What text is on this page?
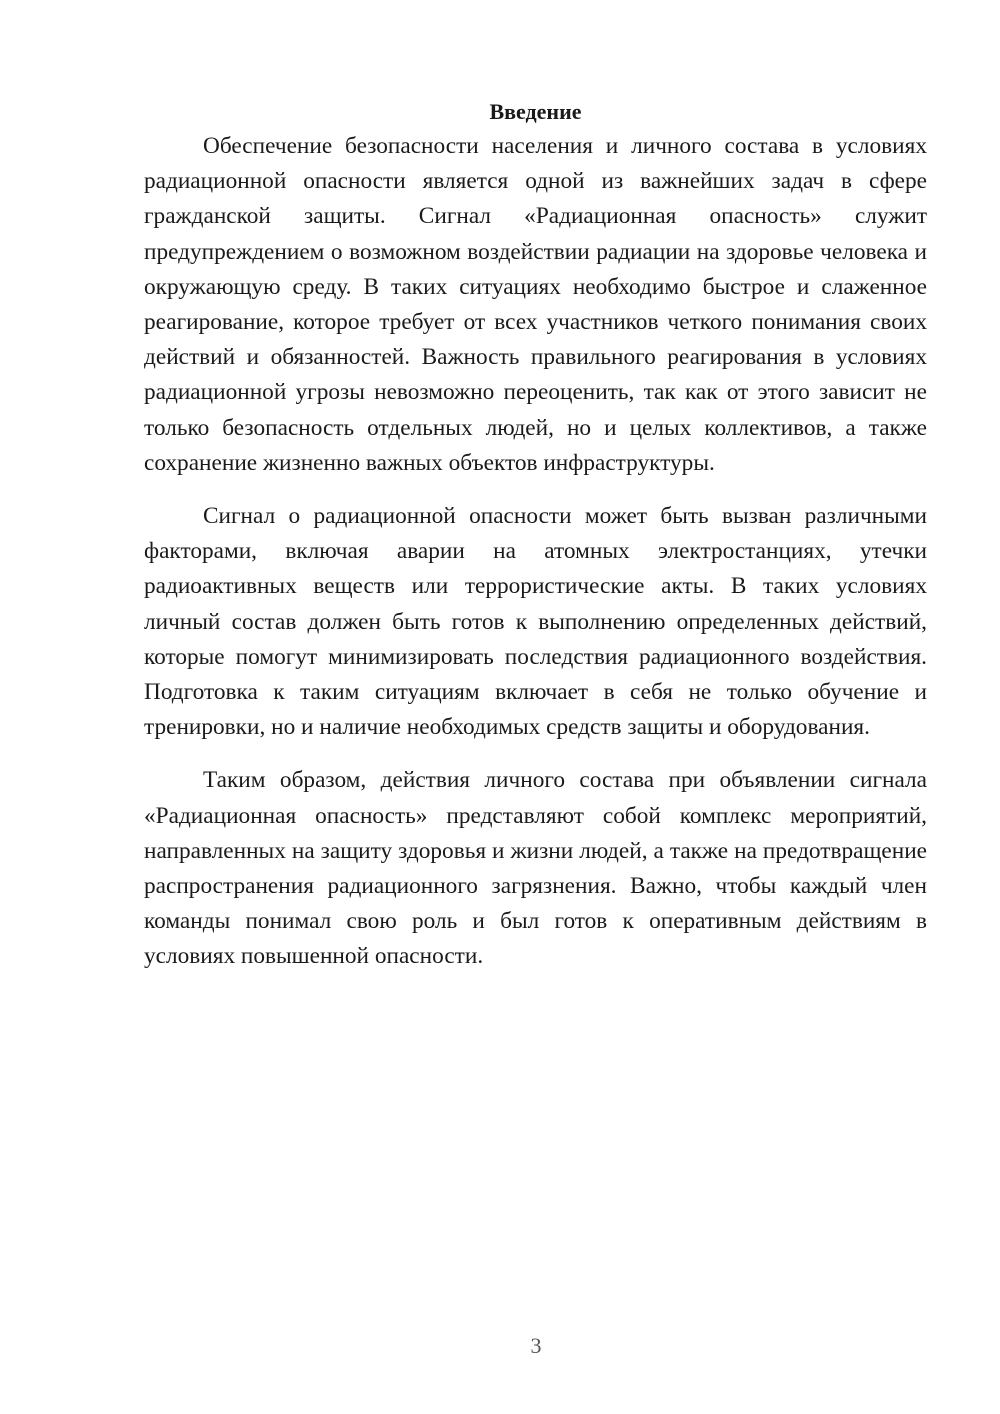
Введение

Обеспечение безопасности населения и личного состава в условиях радиационной опасности является одной из важнейших задач в сфере гражданской защиты. Сигнал «Радиационная опасность» служит предупреждением о возможном воздействии радиации на здоровье человека и окружающую среду. В таких ситуациях необходимо быстрое и слаженное реагирование, которое требует от всех участников четкого понимания своих действий и обязанностей. Важность правильного реагирования в условиях радиационной угрозы невозможно переоценить, так как от этого зависит не только безопасность отдельных людей, но и целых коллективов, а также сохранение жизненно важных объектов инфраструктуры.

Сигнал о радиационной опасности может быть вызван различными факторами, включая аварии на атомных электростанциях, утечки радиоактивных веществ или террористические акты. В таких условиях личный состав должен быть готов к выполнению определенных действий, которые помогут минимизировать последствия радиационного воздействия. Подготовка к таким ситуациям включает в себя не только обучение и тренировки, но и наличие необходимых средств защиты и оборудования.

Таким образом, действия личного состава при объявлении сигнала «Радиационная опасность» представляют собой комплекс мероприятий, направленных на защиту здоровья и жизни людей, а также на предотвращение распространения радиационного загрязнения. Важно, чтобы каждый член команды понимал свою роль и был готов к оперативным действиям в условиях повышенной опасности.

3
